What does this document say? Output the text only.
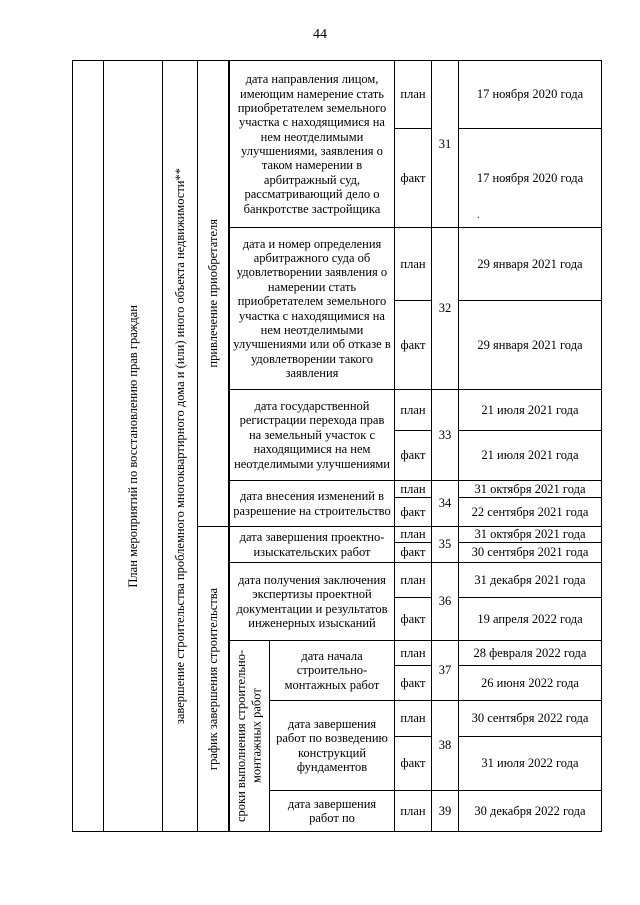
44
План мероприятий по восстановлению прав граждан	завершение строительства проблемного многоквартирного дома и (или) иного объекта недвижимости** привлечение приобретателя
график завершения строительства сроки выполнения строительно-монтажных работ
дата направления лицом, имеющим намерение стать приобретателем земельного участка с находящимися на нем неотделимыми улучшениями, заявления о таком намерении в арбитражный суд, рассматривающий дело о банкротстве застройщика
план
факт
31
17 ноября 2020 года
17 ноября 2020 года
.
дата и номер определения арбитражного суда об удовлетворении заявления о намерении стать приобретателем земельного участка с находящимися на нем неотделимыми улучшениями или об отказе в удовлетворении такого заявления
план
факт
32
29 января 2021 года
29 января 2021 года
дата государственной регистрации перехода прав на земельный участок с находящимися на нем неотделимыми улучшениями
план
факт
33
21 июля 2021 года
21 июля 2021 года
дата внесения изменений в разрешение на строительство
план
факт
34
31 октября 2021 года
22 сентября 2021 года
дата завершения проектно-изыскательских работ
план
факт
35
31 октября 2021 года
30 сентября 2021 года
дата получения заключения экспертизы проектной документации и результатов инженерных изысканий
план
факт
36
31 декабря 2021 года
19 апреля 2022 года
дата начала строительно-монтажных работ
план
факт
37
28 февраля 2022 года
26 июня 2022 года
дата завершения работ по возведению конструкций фундаментов
план
факт
38
30 сентября 2022 года
31 июля 2022 года
дата завершения работ по
план 39 30 декабря 2022 года
